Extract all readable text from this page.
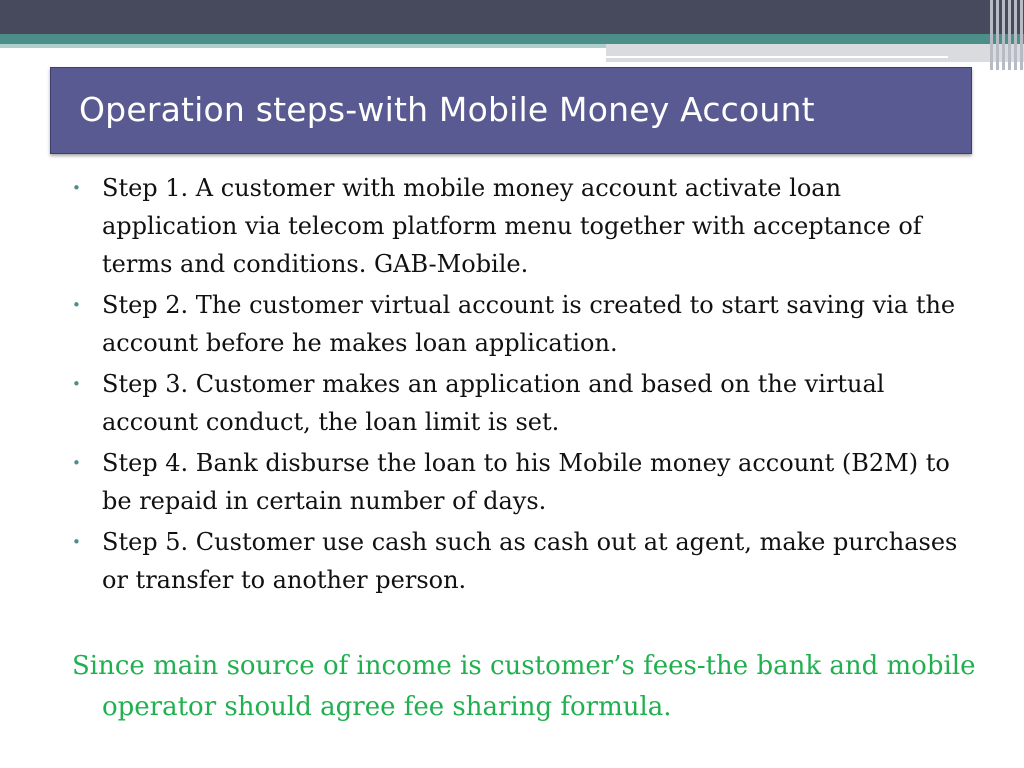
Operation steps-with Mobile Money Account
• Step 1. A customer with mobile money account activate loan application via telecom platform menu together with acceptance of terms and conditions. GAB-Mobile.
• Step 2. The customer virtual account is created to start saving via the account before he makes loan application.
• Step 3. Customer makes an application and based on the virtual account conduct, the loan limit is set.
• Step 4. Bank disburse the loan to his Mobile money account (B2M) to be repaid in certain number of days.
• Step 5. Customer use cash such as cash out at agent, make purchases or transfer to another person.

Since main source of income is customer’s fees-the bank and mobile operator should agree fee sharing formula.
